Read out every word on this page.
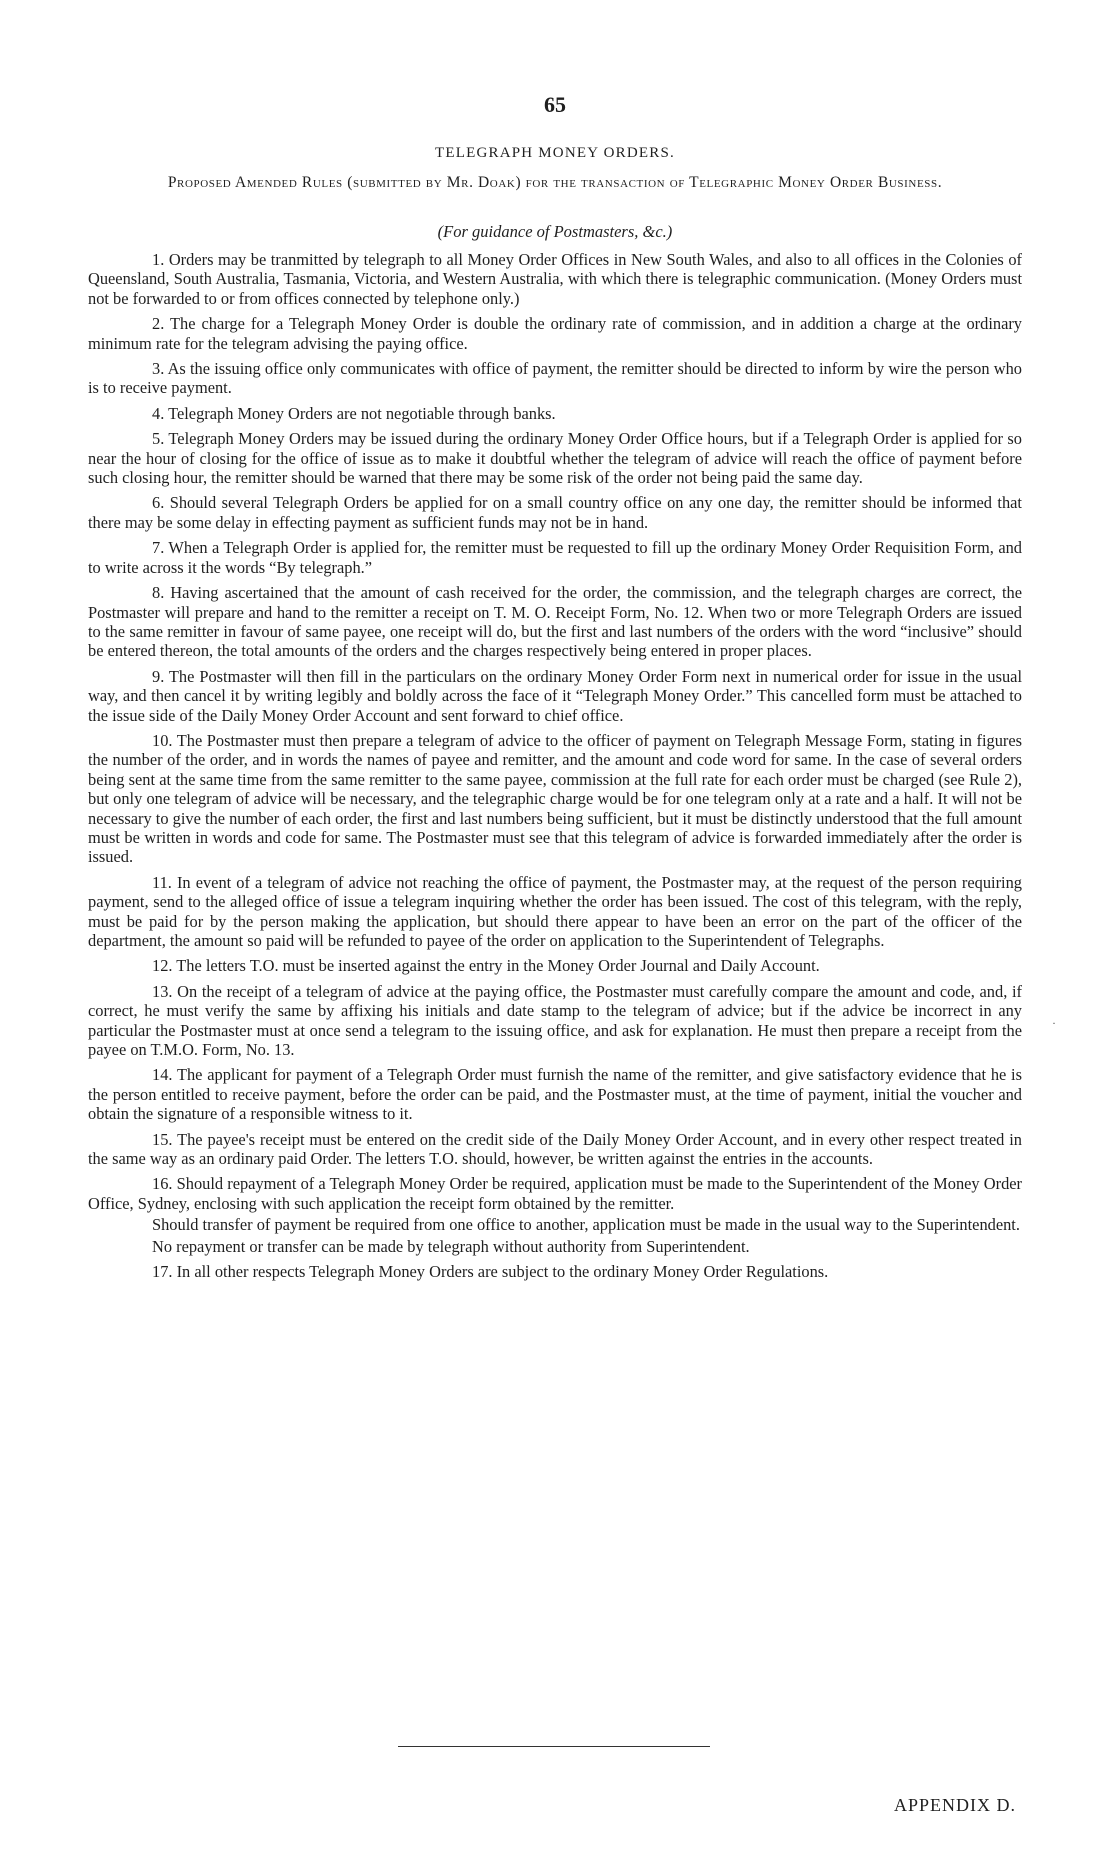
65
TELEGRAPH MONEY ORDERS.
Proposed Amended Rules (submitted by Mr. Doak) for the transaction of Telegraphic Money Order Business.
(For guidance of Postmasters, &c.)

1. Orders may be tranmitted by telegraph to all Money Order Offices in New South Wales, and also to all offices in the Colonies of Queensland, South Australia, Tasmania, Victoria, and Western Australia, with which there is telegraphic communication. (Money Orders must not be forwarded to or from offices connected by telephone only.)

2. The charge for a Telegraph Money Order is double the ordinary rate of commission, and in addition a charge at the ordinary minimum rate for the telegram advising the paying office.

3. As the issuing office only communicates with office of payment, the remitter should be directed to inform by wire the person who is to receive payment.

4. Telegraph Money Orders are not negotiable through banks.

5. Telegraph Money Orders may be issued during the ordinary Money Order Office hours, but if a Telegraph Order is applied for so near the hour of closing for the office of issue as to make it doubtful whether the telegram of advice will reach the office of payment before such closing hour, the remitter should be warned that there may be some risk of the order not being paid the same day.

6. Should several Telegraph Orders be applied for on a small country office on any one day, the remitter should be informed that there may be some delay in effecting payment as sufficient funds may not be in hand.

7. When a Telegraph Order is applied for, the remitter must be requested to fill up the ordinary Money Order Requisition Form, and to write across it the words “By telegraph.”

8. Having ascertained that the amount of cash received for the order, the commission, and the telegraph charges are correct, the Postmaster will prepare and hand to the remitter a receipt on T. M. O. Receipt Form, No. 12. When two or more Telegraph Orders are issued to the same remitter in favour of same payee, one receipt will do, but the first and last numbers of the orders with the word “inclusive” should be entered thereon, the total amounts of the orders and the charges respectively being entered in proper places.

9. The Postmaster will then fill in the particulars on the ordinary Money Order Form next in numerical order for issue in the usual way, and then cancel it by writing legibly and boldly across the face of it “Telegraph Money Order.” This cancelled form must be attached to the issue side of the Daily Money Order Account and sent forward to chief office.

10. The Postmaster must then prepare a telegram of advice to the officer of payment on Telegraph Message Form, stating in figures the number of the order, and in words the names of payee and remitter, and the amount and code word for same. In the case of several orders being sent at the same time from the same remitter to the same payee, commission at the full rate for each order must be charged (see Rule 2), but only one telegram of advice will be necessary, and the telegraphic charge would be for one telegram only at a rate and a half. It will not be necessary to give the number of each order, the first and last numbers being sufficient, but it must be distinctly understood that the full amount must be written in words and code for same. The Postmaster must see that this telegram of advice is forwarded immediately after the order is issued.

11. In event of a telegram of advice not reaching the office of payment, the Postmaster may, at the request of the person requiring payment, send to the alleged office of issue a telegram inquiring whether the order has been issued. The cost of this telegram, with the reply, must be paid for by the person making the application, but should there appear to have been an error on the part of the officer of the department, the amount so paid will be refunded to payee of the order on application to the Superintendent of Telegraphs.

12. The letters T.O. must be inserted against the entry in the Money Order Journal and Daily Account.

13. On the receipt of a telegram of advice at the paying office, the Postmaster must carefully compare the amount and code, and, if correct, he must verify the same by affixing his initials and date stamp to the telegram of advice; but if the advice be incorrect in any particular the Postmaster must at once send a telegram to the issuing office, and ask for explanation. He must then prepare a receipt from the payee on T.M.O. Form, No. 13.

14. The applicant for payment of a Telegraph Order must furnish the name of the remitter, and give satisfactory evidence that he is the person entitled to receive payment, before the order can be paid, and the Postmaster must, at the time of payment, initial the voucher and obtain the signature of a responsible witness to it.

15. The payee's receipt must be entered on the credit side of the Daily Money Order Account, and in every other respect treated in the same way as an ordinary paid Order. The letters T.O. should, however, be written against the entries in the accounts.

16. Should repayment of a Telegraph Money Order be required, application must be made to the Superintendent of the Money Order Office, Sydney, enclosing with such application the receipt form obtained by the remitter.

Should transfer of payment be required from one office to another, application must be made in the usual way to the Superintendent.

No repayment or transfer can be made by telegraph without authority from Superintendent.

17. In all other respects Telegraph Money Orders are subject to the ordinary Money Order Regulations.

APPENDIX D.
·
